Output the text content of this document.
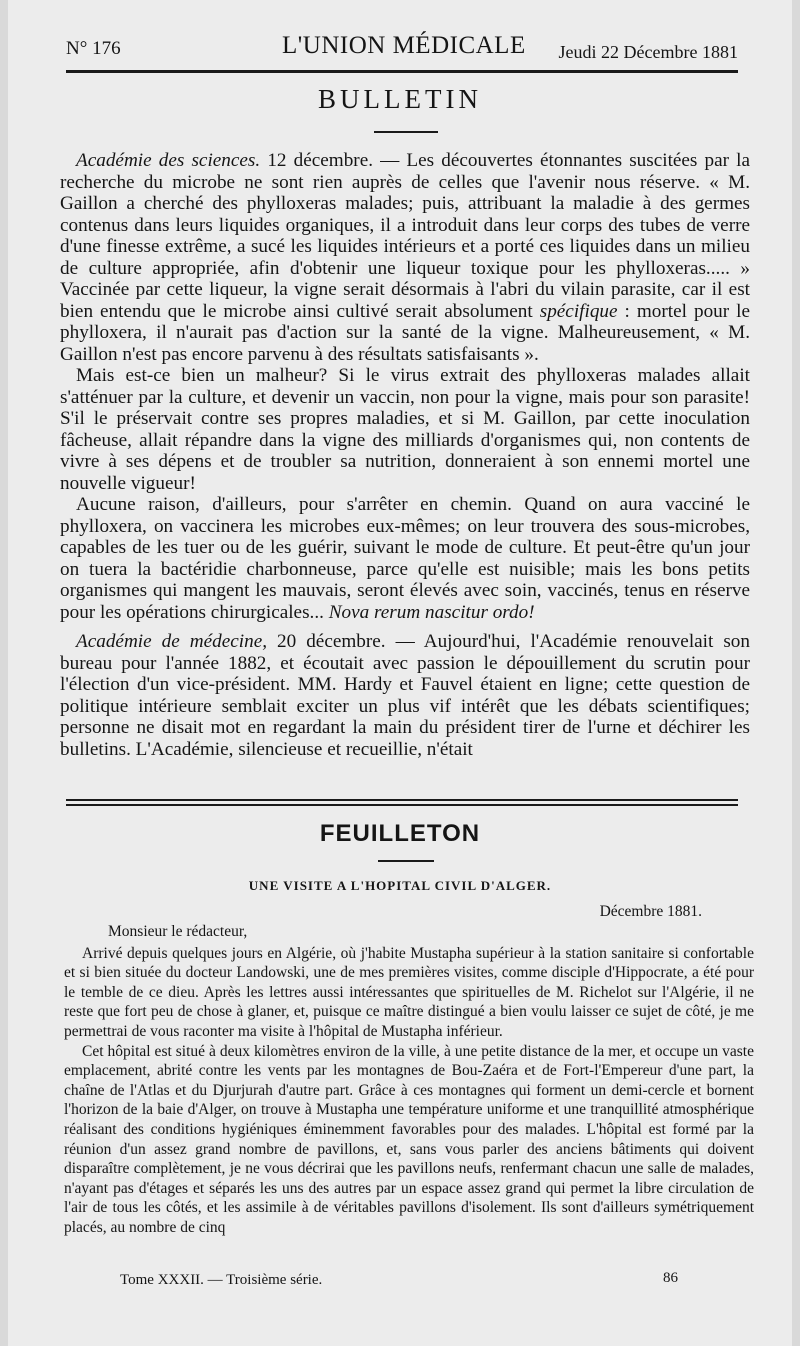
N° 176	L'UNION MÉDICALE Jeudi 22 Décembre 1881
BULLETIN

Académie des sciences. 12 décembre. — Les découvertes étonnantes suscitées par la recherche du microbe ne sont rien auprès de celles que l'avenir nous réserve. « M. Gaillon a cherché des phylloxeras malades; puis, attribuant la maladie à des germes contenus dans leurs liquides organiques, il a introduit dans leur corps des tubes de verre d'une finesse extrême, a sucé les liquides intérieurs et a porté ces liquides dans un milieu de culture appropriée, afin d'obtenir une liqueur toxique pour les phylloxeras..... » Vaccinée par cette liqueur, la vigne serait désormais à l'abri du vilain parasite, car il est bien entendu que le microbe ainsi cultivé serait absolument spécifique : mortel pour le phylloxera, il n'aurait pas d'action sur la santé de la vigne. Malheureusement, « M. Gaillon n'est pas encore parvenu à des résultats satisfaisants ».

Mais est-ce bien un malheur? Si le virus extrait des phylloxeras malades allait s'atténuer par la culture, et devenir un vaccin, non pour la vigne, mais pour son parasite! S'il le préservait contre ses propres maladies, et si M. Gaillon, par cette inoculation fâcheuse, allait répandre dans la vigne des milliards d'organismes qui, non contents de vivre à ses dépens et de troubler sa nutrition, donneraient à son ennemi mortel une nouvelle vigueur!

Aucune raison, d'ailleurs, pour s'arrêter en chemin. Quand on aura vacciné le phylloxera, on vaccinera les microbes eux-mêmes; on leur trouvera des sous-microbes, capables de les tuer ou de les guérir, suivant le mode de culture. Et peut-être qu'un jour on tuera la bactéridie charbonneuse, parce qu'elle est nuisible; mais les bons petits organismes qui mangent les mauvais, seront élevés avec soin, vaccinés, tenus en réserve pour les opérations chirurgicales... Nova rerum nascitur ordo!

Académie de médecine, 20 décembre. — Aujourd'hui, l'Académie renouvelait son bureau pour l'année 1882, et écoutait avec passion le dépouillement du scrutin pour l'élection d'un vice-président. MM. Hardy et Fauvel étaient en ligne; cette question de politique intérieure semblait exciter un plus vif intérêt que les débats scientifiques; personne ne disait mot en regardant la main du président tirer de l'urne et déchirer les bulletins. L'Académie, silencieuse et recueillie, n'était

FEUILLETON
UNE VISITE A L'HOPITAL CIVIL D'ALGER.
Décembre 1881.

Monsieur le rédacteur,

Arrivé depuis quelques jours en Algérie, où j'habite Mustapha supérieur à la station sanitaire si confortable et si bien située du docteur Landowski, une de mes premières visites, comme disciple d'Hippocrate, a été pour le temble de ce dieu. Après les lettres aussi intéressantes que spirituelles de M. Richelot sur l'Algérie, il ne reste que fort peu de chose à glaner, et, puisque ce maître distingué a bien voulu laisser ce sujet de côté, je me permettrai de vous raconter ma visite à l'hôpital de Mustapha inférieur.

Cet hôpital est situé à deux kilomètres environ de la ville, à une petite distance de la mer, et occupe un vaste emplacement, abrité contre les vents par les montagnes de Bou-Zaéra et de Fort-l'Empereur d'une part, la chaîne de l'Atlas et du Djurjurah d'autre part. Grâce à ces montagnes qui forment un demi-cercle et bornent l'horizon de la baie d'Alger, on trouve à Mustapha une température uniforme et une tranquillité atmosphérique réalisant des conditions hygiéniques éminemment favorables pour des malades. L'hôpital est formé par la réunion d'un assez grand nombre de pavillons, et, sans vous parler des anciens bâtiments qui doivent disparaître complètement, je ne vous décrirai que les pavillons neufs, renfermant chacun une salle de malades, n'ayant pas d'étages et séparés les uns des autres par un espace assez grand qui permet la libre circulation de l'air de tous les côtés, et les assimile à de véritables pavillons d'isolement. Ils sont d'ailleurs symétriquement placés, au nombre de cinq

Tome XXXII. — Troisième série.	86
